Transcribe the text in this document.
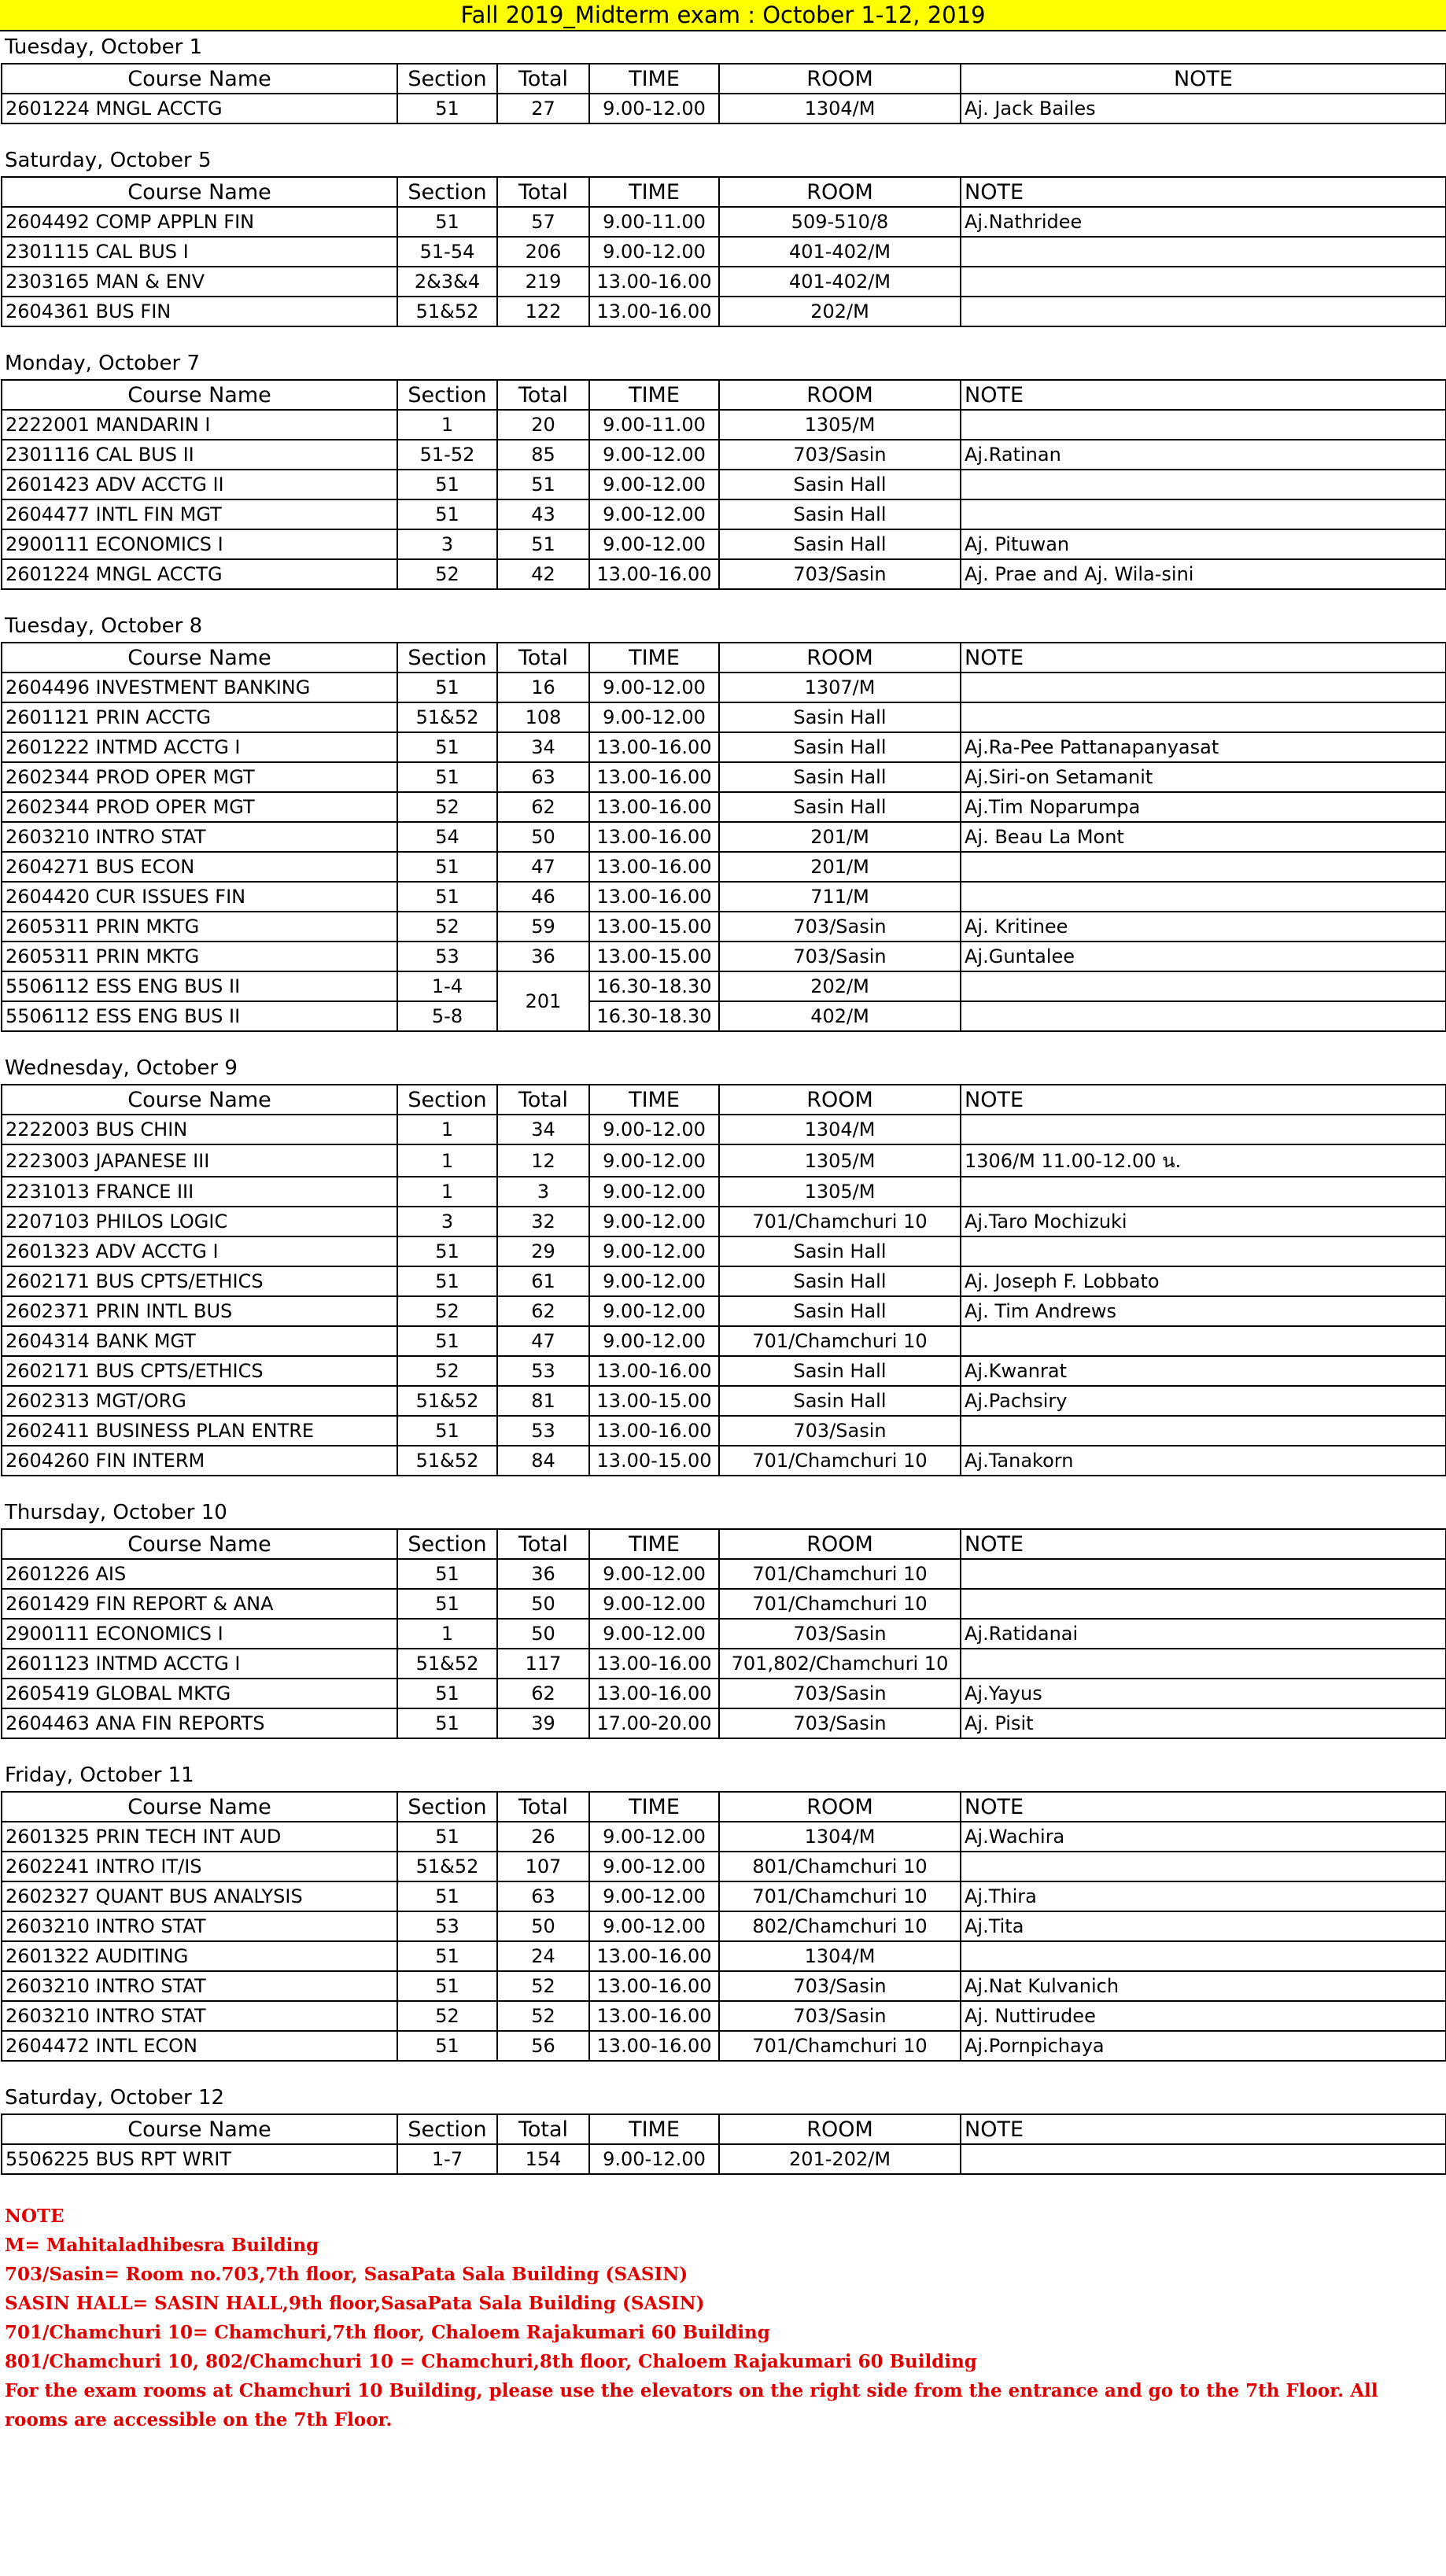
Fall 2019_Midterm exam : October 1-12, 2019
Tuesday, October 1
Course Name	Section	Total	TIME	ROOM	NOTE
2601224 MNGL ACCTG	51	27	9.00-12.00	1304/M	Aj. Jack Bailes
Saturday, October 5
Course Name	Section	Total	TIME	ROOM	NOTE
2604492 COMP APPLN FIN	51	57	9.00-11.00	509-510/8	Aj.Nathridee
2301115 CAL BUS I	51-54	206	9.00-12.00	401-402/M	
2303165 MAN & ENV	2&3&4	219	13.00-16.00	401-402/M	
2604361 BUS FIN	51&52	122	13.00-16.00	202/M	
Monday, October 7
Course Name	Section	Total	TIME	ROOM	NOTE
2222001 MANDARIN I	1	20	9.00-11.00	1305/M	
2301116 CAL BUS II	51-52	85	9.00-12.00	703/Sasin	Aj.Ratinan
2601423 ADV ACCTG II	51	51	9.00-12.00	Sasin Hall	
2604477 INTL FIN MGT	51	43	9.00-12.00	Sasin Hall	
2900111 ECONOMICS I	3	51	9.00-12.00	Sasin Hall	Aj. Pituwan
2601224 MNGL ACCTG	52	42	13.00-16.00	703/Sasin	Aj. Prae and Aj. Wila-sini
Tuesday, October 8
Course Name	Section	Total	TIME	ROOM	NOTE
2604496 INVESTMENT BANKING	51	16	9.00-12.00	1307/M	
2601121 PRIN ACCTG	51&52	108	9.00-12.00	Sasin Hall	
2601222 INTMD ACCTG I	51	34	13.00-16.00	Sasin Hall	Aj.Ra-Pee Pattanapanyasat
2602344 PROD OPER MGT	51	63	13.00-16.00	Sasin Hall	Aj.Siri-on Setamanit
2602344 PROD OPER MGT	52	62	13.00-16.00	Sasin Hall	Aj.Tim Noparumpa
2603210 INTRO STAT	54	50	13.00-16.00	201/M	Aj. Beau La Mont
2604271 BUS ECON	51	47	13.00-16.00	201/M	
2604420 CUR ISSUES FIN	51	46	13.00-16.00	711/M	
2605311 PRIN MKTG	52	59	13.00-15.00	703/Sasin	Aj. Kritinee
2605311 PRIN MKTG	53	36	13.00-15.00	703/Sasin	Aj.Guntalee
5506112 ESS ENG BUS II	1-4	201	16.30-18.30	202/M	
5506112 ESS ENG BUS II	5-8		16.30-18.30	402/M	
Wednesday, October 9
Course Name	Section	Total	TIME	ROOM	NOTE
2222003 BUS CHIN	1	34	9.00-12.00	1304/M	
2223003 JAPANESE III	1	12	9.00-12.00	1305/M	1306/M 11.00-12.00 น.
2231013 FRANCE III	1	3	9.00-12.00	1305/M	
2207103 PHILOS LOGIC	3	32	9.00-12.00	701/Chamchuri 10	Aj.Taro Mochizuki
2601323 ADV ACCTG I	51	29	9.00-12.00	Sasin Hall	
2602171 BUS CPTS/ETHICS	51	61	9.00-12.00	Sasin Hall	Aj. Joseph F. Lobbato
2602371 PRIN INTL BUS	52	62	9.00-12.00	Sasin Hall	Aj. Tim Andrews
2604314 BANK MGT	51	47	9.00-12.00	701/Chamchuri 10	
2602171 BUS CPTS/ETHICS	52	53	13.00-16.00	Sasin Hall	Aj.Kwanrat
2602313 MGT/ORG	51&52	81	13.00-15.00	Sasin Hall	Aj.Pachsiry
2602411 BUSINESS PLAN ENTRE	51	53	13.00-16.00	703/Sasin	
2604260 FIN INTERM	51&52	84	13.00-15.00	701/Chamchuri 10	Aj.Tanakorn
Thursday, October 10
Course Name	Section	Total	TIME	ROOM	NOTE
2601226 AIS	51	36	9.00-12.00	701/Chamchuri 10	
2601429 FIN REPORT & ANA	51	50	9.00-12.00	701/Chamchuri 10	
2900111 ECONOMICS I	1	50	9.00-12.00	703/Sasin	Aj.Ratidanai
2601123 INTMD ACCTG I	51&52	117	13.00-16.00	701,802/Chamchuri 10	
2605419 GLOBAL MKTG	51	62	13.00-16.00	703/Sasin	Aj.Yayus
2604463 ANA FIN REPORTS	51	39	17.00-20.00	703/Sasin	Aj. Pisit
Friday, October 11
Course Name	Section	Total	TIME	ROOM	NOTE
2601325 PRIN TECH INT AUD	51	26	9.00-12.00	1304/M	Aj.Wachira
2602241 INTRO IT/IS	51&52	107	9.00-12.00	801/Chamchuri 10	
2602327 QUANT BUS ANALYSIS	51	63	9.00-12.00	701/Chamchuri 10	Aj.Thira
2603210 INTRO STAT	53	50	9.00-12.00	802/Chamchuri 10	Aj.Tita
2601322 AUDITING	51	24	13.00-16.00	1304/M	
2603210 INTRO STAT	51	52	13.00-16.00	703/Sasin	Aj.Nat Kulvanich
2603210 INTRO STAT	52	52	13.00-16.00	703/Sasin	Aj. Nuttirudee
2604472 INTL ECON	51	56	13.00-16.00	701/Chamchuri 10	Aj.Pornpichaya
Saturday, October 12
Course Name	Section	Total	TIME	ROOM	NOTE
5506225 BUS RPT WRIT	1-7	154	9.00-12.00	201-202/M	
NOTE
M= Mahitaladhibesra Building
703/Sasin= Room no.703,7th floor, SasaPata Sala Building (SASIN)
SASIN HALL= SASIN HALL,9th floor,SasaPata Sala Building (SASIN)
701/Chamchuri 10= Chamchuri,7th floor, Chaloem Rajakumari 60 Building
801/Chamchuri 10, 802/Chamchuri 10 = Chamchuri,8th floor, Chaloem Rajakumari 60 Building
For the exam rooms at Chamchuri 10 Building, please use the elevators on the right side from the entrance and go to the 7th Floor. All rooms are accessible on the 7th Floor.
